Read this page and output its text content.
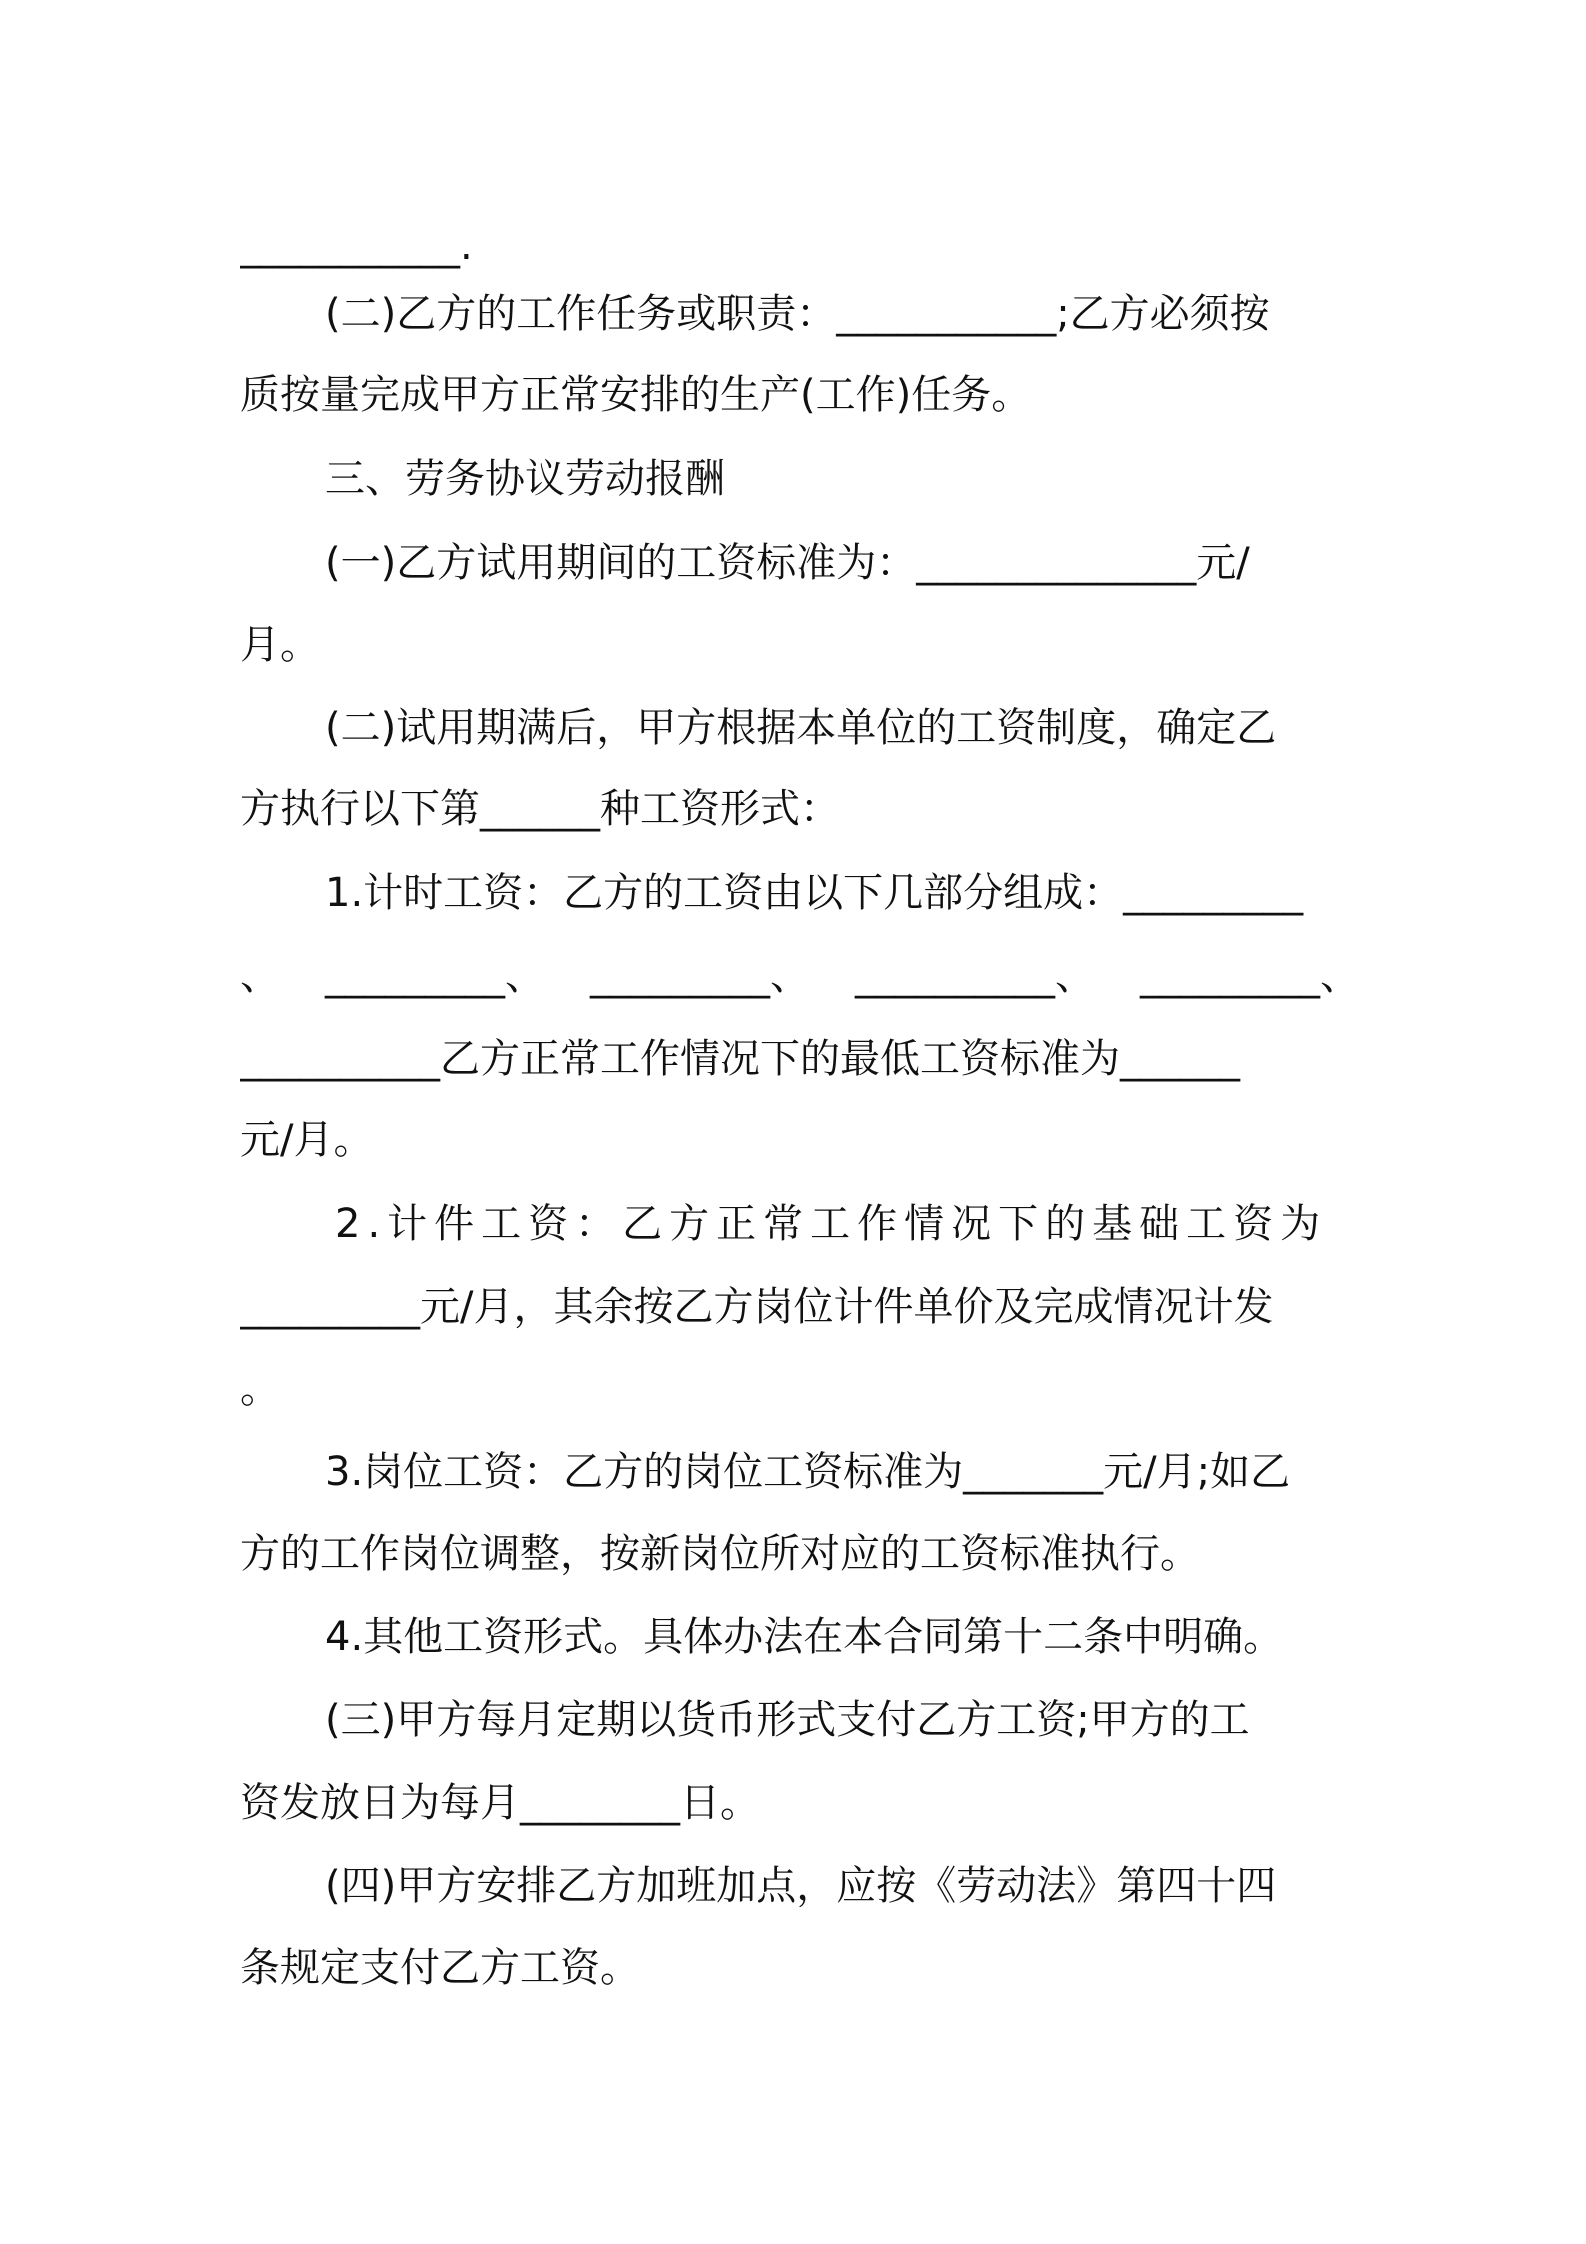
___________.
(二)乙方的工作任务或职责：___________;乙方必须按
质按量完成甲方正常安排的生产(工作)任务。
三、劳务协议劳动报酬
(一)乙方试用期间的工资标准为：______________元/
月。
(二)试用期满后，甲方根据本单位的工资制度，确定乙
方执行以下第______种工资形式：
1.计时工资：乙方的工资由以下几部分组成：_________
、 _________、 _________、 __________、 _________、
__________乙方正常工作情况下的最低工资标准为______
元/月。
2.计件工资：乙方正常工作情况下的基础工资为
_________元/月，其余按乙方岗位计件单价及完成情况计发
。
3.岗位工资：乙方的岗位工资标准为_______元/月;如乙
方的工作岗位调整，按新岗位所对应的工资标准执行。
4.其他工资形式。具体办法在本合同第十二条中明确。
(三)甲方每月定期以货币形式支付乙方工资;甲方的工
资发放日为每月________日。
(四)甲方安排乙方加班加点，应按《劳动法》第四十四
条规定支付乙方工资。
